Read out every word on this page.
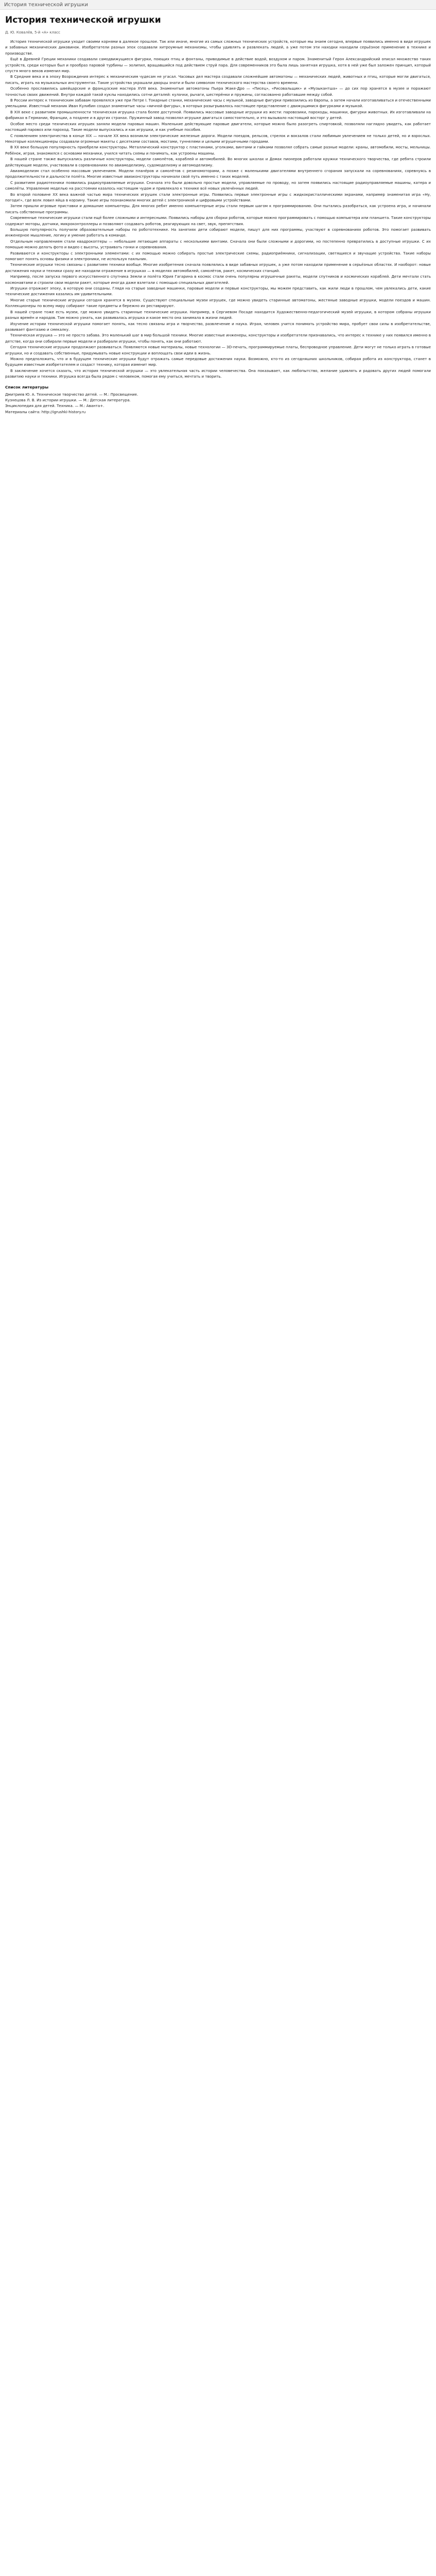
История технической игрушки
История технической игрушки
Д. Ю. Ковалёв, 5-й «А» класс

История технической игрушки уходит своими корнями в далекое прошлое. Так или иначе, многие из самых сложных технических устройств, которые мы знаем сегодня, впервые появились именно в виде игрушек и забавных механических диковинок. Изобретатели разных эпох создавали хитроумные механизмы, чтобы удивлять и развлекать людей, а уже потом эти находки находили серьёзное применение в технике и производстве.

Ещё в Древней Греции механики создавали самодвижущиеся фигурки, поющих птиц и фонтаны, приводимые в действие водой, воздухом и паром. Знаменитый Герон Александрийский описал множество таких устройств, среди которых был и прообраз паровой турбины — эолипил, вращавшийся под действием струй пара. Для современников это была лишь занятная игрушка, хотя в ней уже был заложен принцип, который спустя много веков изменил мир.

В Средние века и в эпоху Возрождения интерес к механическим чудесам не угасал. Часовых дел мастера создавали сложнейшие автоматоны — механических людей, животных и птиц, которые могли двигаться, писать, играть на музыкальных инструментах. Такие устройства украшали дворцы знати и были символом технического мастерства своего времени.

Особенно прославились швейцарские и французские мастера XVIII века. Знаменитые автоматоны Пьера Жаке-Дро — «Писец», «Рисовальщик» и «Музыкантша» — до сих пор хранятся в музее и поражают точностью своих движений. Внутри каждой такой куклы находились сотни деталей: кулачки, рычаги, шестерёнки и пружины, согласованно работавшие между собой.

В России интерес к техническим забавам проявлялся уже при Петре I. Токарные станки, механические часы с музыкой, заводные фигурки привозились из Европы, а затем начали изготавливаться и отечественными умельцами. Известный механик Иван Кулибин создал знаменитые часы «яичной фигуры», в которых разыгрывалось настоящее представление с движущимися фигурками и музыкой.

В XIX веке с развитием промышленности техническая игрушка стала более доступной. Появились массовые заводные игрушки из жести: паровозики, пароходы, машинки, фигурки животных. Их изготавливали на фабриках в Германии, Франции, а позднее и в других странах. Пружинный завод позволял игрушке двигаться самостоятельно, и это вызывало настоящий восторг у детей.

Особое место среди технических игрушек заняли модели паровых машин. Маленькие действующие паровые двигатели, которые можно было разогреть спиртовкой, позволяли наглядно увидеть, как работает настоящий паровоз или пароход. Такие модели выпускались и как игрушки, и как учебные пособия.

С появлением электричества в конце XIX — начале XX века возникли электрические железные дороги. Модели поездов, рельсов, стрелок и вокзалов стали любимым увлечением не только детей, но и взрослых. Некоторые коллекционеры создавали огромные макеты с десятками составов, мостами, туннелями и целыми игрушечными городами.

В XX веке большую популярность приобрели конструкторы. Металлический конструктор с пластинами, уголками, винтами и гайками позволял собрать самые разные модели: краны, автомобили, мосты, мельницы. Ребёнок, играя, знакомился с основами механики, учился читать схемы и понимать, как устроены машины.

В нашей стране также выпускались различные конструкторы, модели самолётов, кораблей и автомобилей. Во многих школах и Домах пионеров работали кружки технического творчества, где ребята строили действующие модели, участвовали в соревнованиях по авиамоделизму, судомоделизму и автомоделизму.

Авиамоделизм стал особенно массовым увлечением. Модели планёров и самолётов с резиномоторами, а позже с маленькими двигателями внутреннего сгорания запускали на соревнованиях, соревнуясь в продолжительности и дальности полёта. Многие известные авиаконструкторы начинали свой путь именно с таких моделей.

С развитием радиотехники появились радиоуправляемые игрушки. Сначала это были довольно простые модели, управляемые по проводу, но затем появились настоящие радиоуправляемые машины, катера и самолёты. Управление моделью на расстоянии казалось настоящим чудом и привлекало к технике всё новых увлечённых людей.

Во второй половине XX века важной частью мира технических игрушек стали электронные игры. Появились первые электронные игры с жидкокристаллическими экранами, например знаменитая игра «Ну, погоди!», где волк ловил яйца в корзину. Такие игры познакомили многих детей с электроникой и цифровыми устройствами.

Затем пришли игровые приставки и домашние компьютеры. Для многих ребят именно компьютерные игры стали первым шагом к программированию. Они пытались разобраться, как устроена игра, и начинали писать собственные программы.

Современные технические игрушки стали ещё более сложными и интересными. Появились наборы для сборки роботов, которые можно программировать с помощью компьютера или планшета. Такие конструкторы содержат моторы, датчики, микроконтроллеры и позволяют создавать роботов, реагирующих на свет, звук, препятствия.

Большую популярность получили образовательные наборы по робототехнике. На занятиях дети собирают модели, пишут для них программы, участвуют в соревнованиях роботов. Это помогает развивать инженерное мышление, логику и умение работать в команде.

Отдельным направлением стали квадрокоптеры — небольшие летающие аппараты с несколькими винтами. Сначала они были сложными и дорогими, но постепенно превратились в доступные игрушки. С их помощью можно делать фото и видео с высоты, устраивать гонки и соревнования.

Развиваются и конструкторы с электронными элементами: с их помощью можно собирать простые электрические схемы, радиоприёмники, сигнализации, светящиеся и звучащие устройства. Такие наборы помогают понять основы физики и электроники, не используя паяльник.

Технические игрушки тесно связаны с развитием техники вообще. Многие изобретения сначала появлялись в виде забавных игрушек, а уже потом находили применение в серьёзных областях. И наоборот: новые достижения науки и техники сразу же находили отражение в игрушках — в моделях автомобилей, самолётов, ракет, космических станций.

Например, после запуска первого искусственного спутника Земли и полёта Юрия Гагарина в космос стали очень популярны игрушечные ракеты, модели спутников и космических кораблей. Дети мечтали стать космонавтами и строили свои модели ракет, которые иногда даже взлетали с помощью специальных двигателей.

Игрушки отражают эпоху, в которую они созданы. Глядя на старые заводные машинки, паровые модели и первые конструкторы, мы можем представить, как жили люди в прошлом, чем увлекались дети, какие технические достижения казались им удивительными.

Многие старые технические игрушки сегодня хранятся в музеях. Существуют специальные музеи игрушек, где можно увидеть старинные автоматоны, жестяные заводные игрушки, модели поездов и машин. Коллекционеры по всему миру собирают такие предметы и бережно их реставрируют.

В нашей стране тоже есть музеи, где можно увидеть старинные технические игрушки. Например, в Сергиевом Посаде находится Художественно-педагогический музей игрушки, в котором собраны игрушки разных времён и народов. Там можно узнать, как развивалась игрушка и какое место она занимала в жизни людей.

Изучение истории технической игрушки помогает понять, как тесно связаны игра и творчество, развлечение и наука. Играя, человек учится понимать устройство мира, пробует свои силы в изобретательстве, развивает фантазию и смекалку.

Техническая игрушка — это не просто забава. Это маленький шаг в мир большой техники. Многие известные инженеры, конструкторы и изобретатели признавались, что интерес к технике у них появился именно в детстве, когда они собирали первые модели и разбирали игрушки, чтобы понять, как они работают.

Сегодня технические игрушки продолжают развиваться. Появляются новые материалы, новые технологии — 3D-печать, программируемые платы, беспроводное управление. Дети могут не только играть в готовые игрушки, но и создавать собственные, придумывать новые конструкции и воплощать свои идеи в жизнь.

Можно предположить, что и в будущем технические игрушки будут отражать самые передовые достижения науки. Возможно, кто-то из сегодняшних школьников, собирая робота из конструктора, станет в будущем известным изобретателем и создаст технику, которая изменит мир.

В заключение хочется сказать, что история технической игрушки — это увлекательная часть истории человечества. Она показывает, как любопытство, желание удивлять и радовать других людей помогали развитию науки и техники. Игрушка всегда была рядом с человеком, помогая ему учиться, мечтать и творить.

Список литературы

Дмитриев Ю. А. Техническое творчество детей. — М.: Просвещение.

Кузнецова Л. В. Из истории игрушки. — М.: Детская литература.

Энциклопедия для детей. Техника. — М.: Аванта+.

Материалы сайта: http://igrushki-history.ru
